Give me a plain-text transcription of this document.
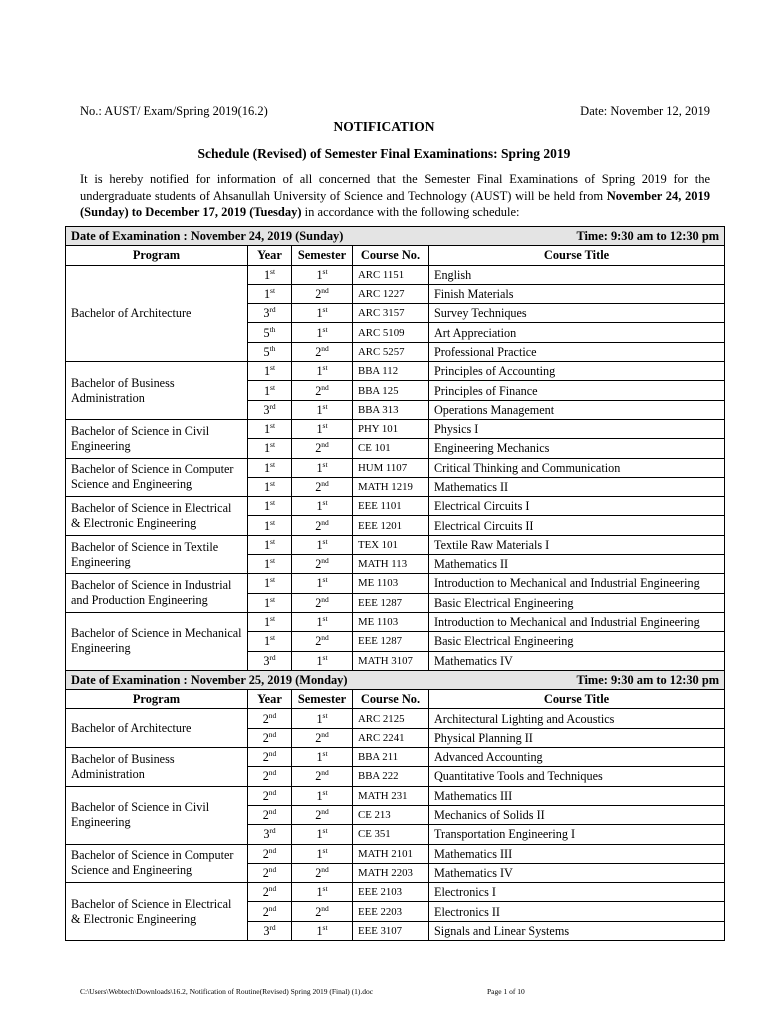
No.: AUST/ Exam/Spring 2019(16.2)	Date: November 12, 2019
NOTIFICATION
Schedule (Revised) of Semester Final Examinations: Spring 2019
It is hereby notified for information of all concerned that the Semester Final Examinations of Spring 2019 for the undergraduate students of Ahsanullah University of Science and Technology (AUST) will be held from November 24, 2019 (Sunday) to December 17, 2019 (Tuesday) in accordance with the following schedule:
Time: 9:30 am to 12:30 pm
Date of Examination : November 24, 2019 (Sunday)				
Program	Year	Semester	Course No.	Course Title
Bachelor of Architecture	1st	1st	ARC 1151	English
	1st	2nd	ARC 1227	Finish Materials
	3rd	1st	ARC 3157	Survey Techniques
	5th	1st	ARC 5109	Art Appreciation
	5th	2nd	ARC 5257	Professional Practice
Bachelor of Business Administration	1st	1st	BBA 112	Principles of Accounting
	1st	2nd	BBA 125	Principles of Finance
	3rd	1st	BBA 313	Operations Management
Bachelor of Science in Civil Engineering	1st	1st	PHY 101	Physics I
	1st	2nd	CE 101	Engineering Mechanics
Bachelor of Science in Computer Science and Engineering	1st	1st	HUM 1107	Critical Thinking and Communication
	1st	2nd	MATH 1219	Mathematics II
Bachelor of Science in Electrical & Electronic Engineering	1st	1st	EEE 1101	Electrical Circuits I
	1st	2nd	EEE 1201	Electrical Circuits II
Bachelor of Science in Textile Engineering	1st	1st	TEX 101	Textile Raw Materials I
	1st	2nd	MATH 113	Mathematics II
Bachelor of Science in Industrial and Production Engineering	1st	1st	ME 1103	Introduction to Mechanical and Industrial Engineering
	1st	2nd	EEE 1287	Basic Electrical Engineering
Bachelor of Science in Mechanical Engineering	1st	1st	ME 1103	Introduction to Mechanical and Industrial Engineering
	1st	2nd	EEE 1287	Basic Electrical Engineering
	3rd	1st	MATH 3107	Mathematics IV

Time: 9:30 am to 12:30 pm
Date of Examination : November 25, 2019 (Monday)				
Program	Year	Semester	Course No.	Course Title
Bachelor of Architecture	2nd	1st	ARC 2125	Architectural Lighting and Acoustics
	2nd	2nd	ARC 2241	Physical Planning II
Bachelor of Business Administration	2nd	1st	BBA 211	Advanced Accounting
	2nd	2nd	BBA 222	Quantitative Tools and Techniques
Bachelor of Science in Civil Engineering	2nd	1st	MATH 231	Mathematics III
	2nd	2nd	CE 213	Mechanics of Solids II
	3rd	1st	CE 351	Transportation Engineering I
Bachelor of Science in Computer Science and Engineering	2nd	1st	MATH 2101	Mathematics III
	2nd	2nd	MATH 2203	Mathematics IV
Bachelor of Science in Electrical & Electronic Engineering	2nd	1st	EEE 2103	Electronics I
	2nd	2nd	EEE 2203	Electronics II
	3rd	1st	EEE 3107	Signals and Linear Systems
C:\Users\Webtech\Downloads\16.2, Notification of Routine(Revised) Spring 2019 (Final) (1).doc	Page 1 of 10
